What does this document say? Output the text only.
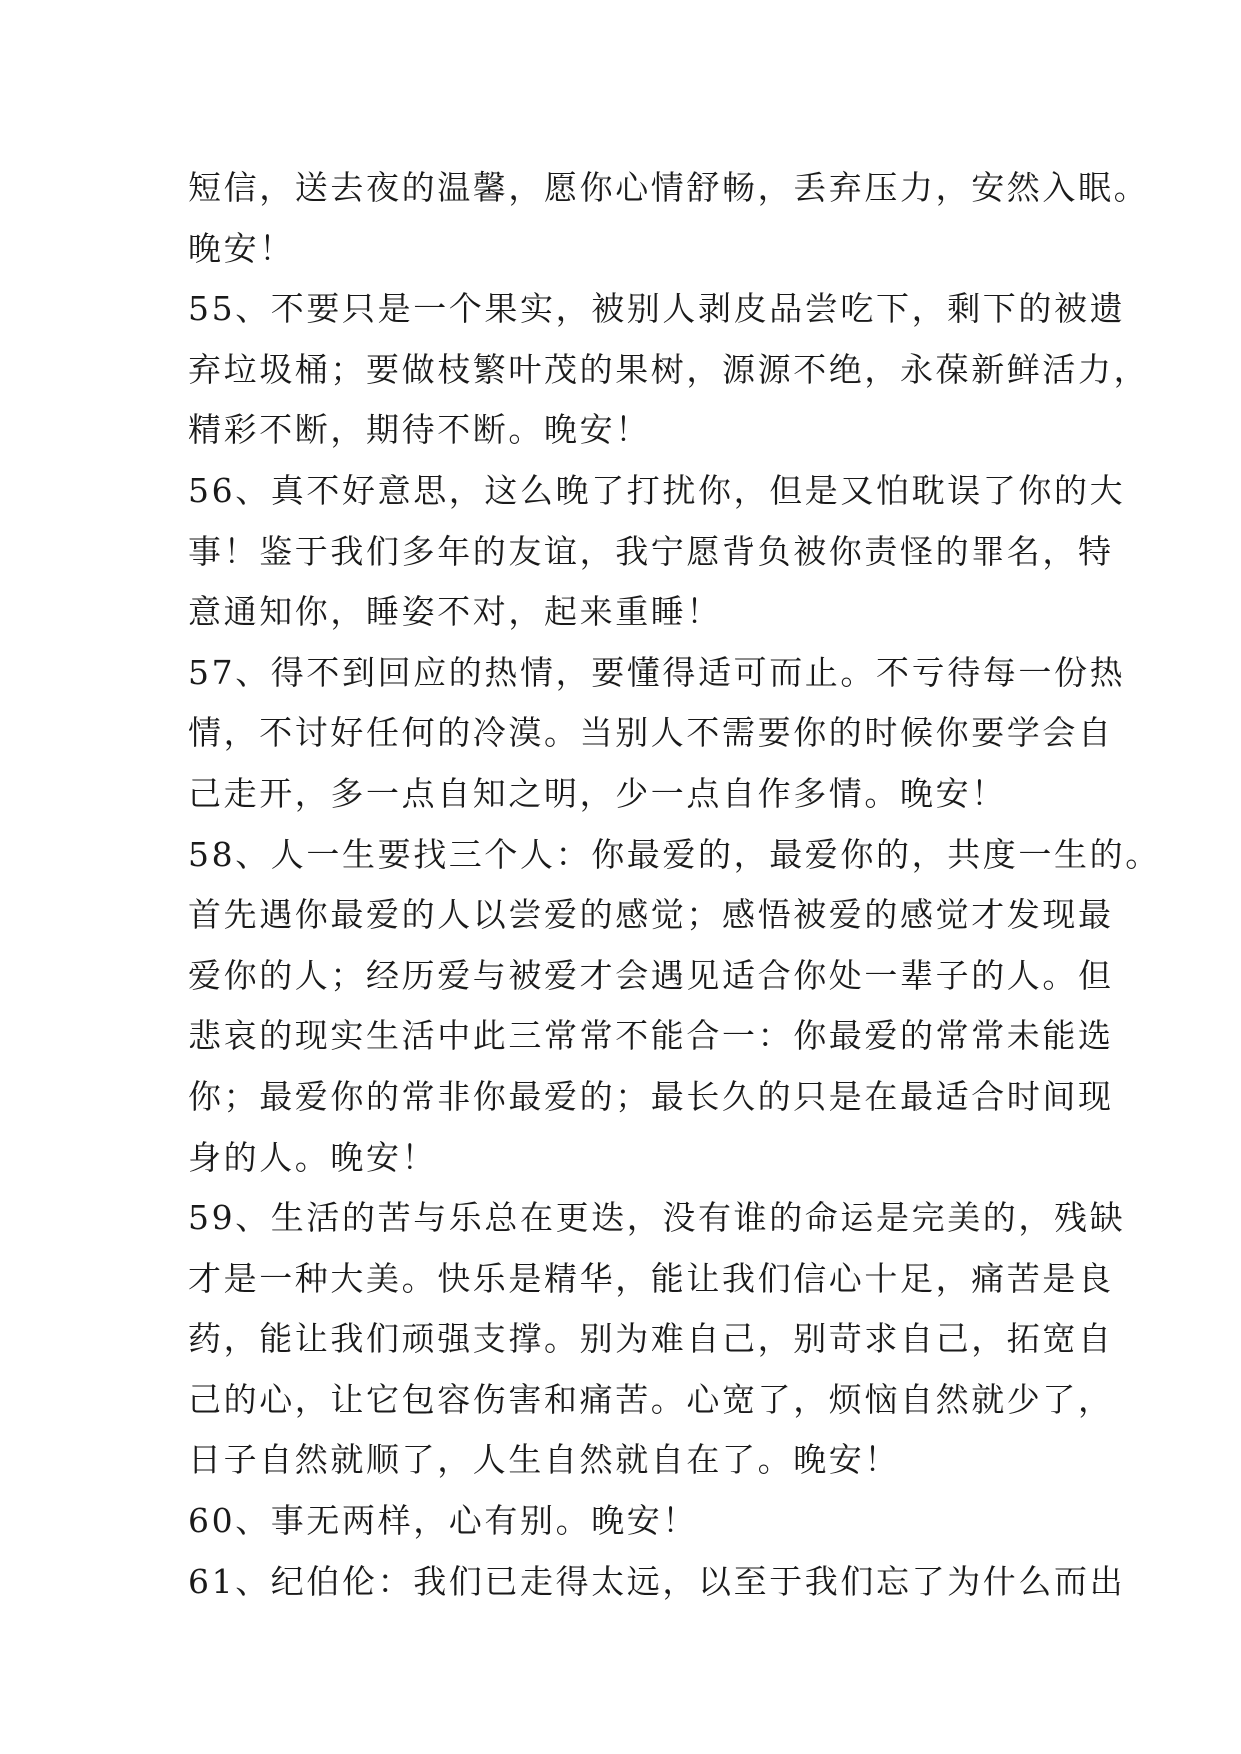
短信，送去夜的温馨，愿你心情舒畅，丢弃压力，安然入眠。
晚安！
55、不要只是一个果实，被别人剥皮品尝吃下，剩下的被遗
弃垃圾桶；要做枝繁叶茂的果树，源源不绝，永葆新鲜活力，
精彩不断，期待不断。晚安！
56、真不好意思，这么晚了打扰你，但是又怕耽误了你的大
事！鉴于我们多年的友谊，我宁愿背负被你责怪的罪名，特
意通知你，睡姿不对，起来重睡！
57、得不到回应的热情，要懂得适可而止。不亏待每一份热
情，不讨好任何的冷漠。当别人不需要你的时候你要学会自
己走开，多一点自知之明，少一点自作多情。晚安！
58、人一生要找三个人：你最爱的，最爱你的，共度一生的。
首先遇你最爱的人以尝爱的感觉；感悟被爱的感觉才发现最
爱你的人；经历爱与被爱才会遇见适合你处一辈子的人。但
悲哀的现实生活中此三常常不能合一：你最爱的常常未能选
你；最爱你的常非你最爱的；最长久的只是在最适合时间现
身的人。晚安！
59、生活的苦与乐总在更迭，没有谁的命运是完美的，残缺
才是一种大美。快乐是精华，能让我们信心十足，痛苦是良
药，能让我们顽强支撑。别为难自己，别苛求自己，拓宽自
己的心，让它包容伤害和痛苦。心宽了，烦恼自然就少了，
日子自然就顺了，人生自然就自在了。晚安！
60、事无两样，心有别。晚安！
61、纪伯伦：我们已走得太远，以至于我们忘了为什么而出
